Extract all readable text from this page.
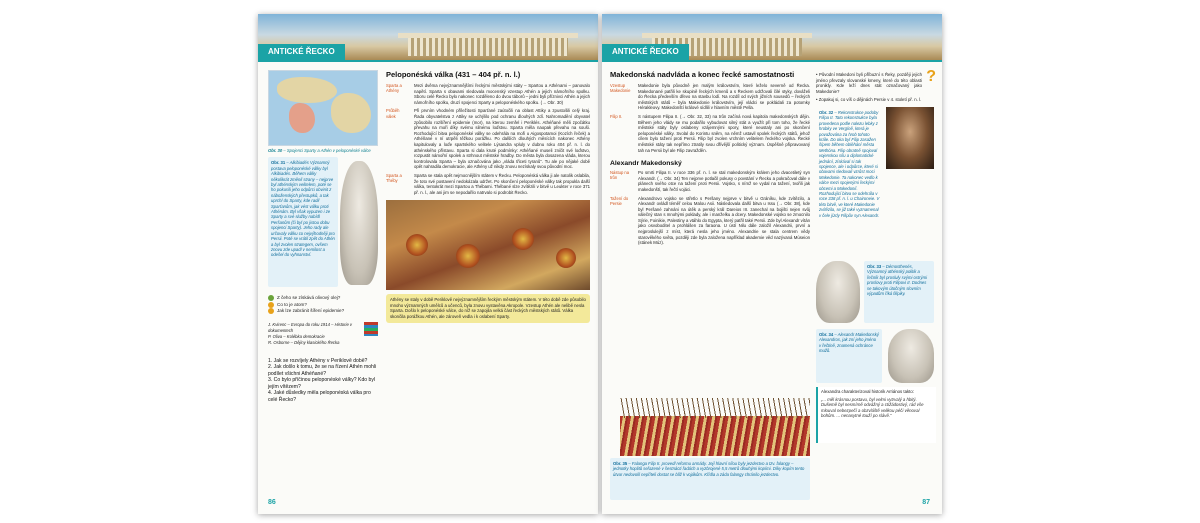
ANTICKÉ ŘECKO
Obr. 30 – Spojenci Sparty a Athén v peloponéské válce
Obr. 31 – Alkibiadés Významný postava peloponéské války byl Alkibiadés. Během války několikrát změnil strany – nejprve byl athénským velitelem, poté se ho pokusili jeho odpůrci obvinit z náboženských přestupků, a tak uprchl do Sparty, kde radil Sparťanům, jak vést válku proti Athénám. Byl však vypuzen i ze Sparty a své služby nabídl Peršanům (či byl po jistou dobu spojenci Sparty). Jeho rady ale určovaly válku co nejvýhodněji pro Persii. Poté se vrátil zpět do Athén a byl zvolen strategem, ovšem znovu zde upadl v nemilost a odešel do vyhnanství.

Z čeho se získává olivový olej?

Co to je atom?

Jak lze zabránit šíření epidemie?

J. Kvirenc – Evropa do roku 1914 – Historie v dokumentech

P. Oliva – Kolébka demokracie

R. Osborne – Dějiny klasického Řecka

1. Jak se rozvíjely Athény v Periklově době?

2. Jak došlo k tomu, že se na řízení Athén mohli podílet všichni Athéňané?

3. Co bylo příčinou peloponéské války? Kdo byl jejím vítězem?

4. Jaké důsledky měla peloponéská válka pro celé Řecko?

Peloponéská válka (431 – 404 př. n. l.)
Sparta a Athény

Mezi dvěma nejvýznamnějšími řeckými městskými státy – Spartou a Athénami – panovalo napětí. Sparta s obavami sledovala mocenský vzestup Athén a jejich námořního spolku. Sboru celé Řecko bylo nakonec rozděleno do dvou táborů – jedni byli příznivci Athén a jejich námořního spolku, druzí spojenci Sparty a peloponéského spolku. (→ Obr. 30)

Průběh válek

Při prvním vhodném příležitosti Sparťané zaútočili na oblast Attiky a zpustošili celý kraj. Řada obyvatelstva z Attiky se uchýlilo pod ochranu dlouhých zdí. Nahromadění obyvatel způsobilo rozšíření epidemie (mor), na kterou zemřel i Periklés. Athéňané měli zpočátku převahu na moři díky svému silnému loďstvu. Sparta měla naopak převahu na souši. Rozhodující bitva peloponéské války se odehrála na moři u Aigospotamoi (Kozích řeček) a Athéňané v ní utrpěli těžkou porážku. Po dalších dlouhých měsících nakonec Athény kapitulovaly a loďe spartského velitele Lýsandra vpluly v dubnu roku 404 př. n. l. do athénského přístavu. Sparta si dala kruté podmínky: Athéňané museli zničit své loďstvo, rozpustit námořní spolek a strhnout městské hradby. Do města byla dosazena vláda, kterou kontrolovala Sparta – byla označována jako „vláda třiceti tyranů“. Tu ale po nějaké době opět nahradila demokracie, ale Athény už nikdy znovu nezískaly svou původní moc.

Sparta a Théby

Sparta se stala opět nejmocnějším státem v Řecku. Peloponéská válka ji ale natolik oslabila, že toto své postavení nedokázala udržet. Po skončení peloponéské války tak propukla další válka, tentokrát mezi Spartou a Thébami. Thébané slze zvítězili v bitvě u Leukter v roce 371 př. n. l., ale ani jim se nepodařilo natrvalo si podrobit Řecko.

Athény se staly v době Periklově nejvýznamnějším řeckým městským státem. V této době zde působilo mnoho významných umělců a učenců, byla znovu vystavěna Akropole. Vzestup Athén ale nelibě nesla Sparta. Došlo k peloponéské válce, do níž se zapojila velká část řeckých městských států. Válka skončila porážkou Athén, ale zároveň vedla i k oslabení Sparty.
86
ANTICKÉ ŘECKO
Makedonská nadvláda a konec řecké samostatnosti
Vzestup Makedonie

Makedonie byla původně jen malým královstvím, které leželo severně od Řecka. Makedonané patřili ke skupině řeckých kmenů a s Řeckem udržovali čilé styky, dováželi do Řecka především dřevo na stavbu lodí. Na rozdíl od svých jižních sousedů – řeckých městských států – byla Makedonie královstvím, její vládci se pokládali za potomky Hérakleovy. Makedonští králové sídlili v hlavním městě Pella.

Filip II.	S nástupem Filipa II. (→ Obr. 32, 33) na trůn začíná nová kapitola makedonských dějin. Během jeho vlády se mu podařilo vybudovat silný stát a využít při tom toho, že řecké městské státy byly oslabeny vzájemnými spory, které neustaly ani po skončení peloponéské války. Svolal do Korintu sněm, na němž ustavil spolek řeckých států, jehož cílem bylo tažení proti Persii. Filip byl zvolen vrchním velitelem řeckého vojska. Řecké městské státy tak nepřímo ztratily svou dřívější politický význam. Úspěšně připravovaný tah na Persii byl ale Filip zavražděn.

Alexandr Makedonský
Nástup na trůn

Po smrti Filipa II. v roce 336 př. n. l. se stal makedonským králem jeho dvacetiletý syn Alexandr. (→ Obr. 34) Ten nejprve potlačil pokusy o povstání v Řecku a pokračoval dále v plánech svého otce na tažení proti Persii. Vojsko, s nímž se vydal na tažení, tvořili jak makedonští, tak řečtí vojáci.

Tažení do Persie

Alexandrovo vojsko se střetlo s Peršany nejprve v bitvě u Gráníku, kde zvítězilo, a Alexandr ovládl téměř celou Malou Asii. Následovala další bitva u Issu (→ Obr. 38), kde byl Peršané zahnáni na útěk a perský král Dareios III. zanechal na bojišti nejen svůj válečný stan s mnohými poklady, ale i manželku a dcery. Makedonské vojsko se zmocnilo Sýrie, Foinikie, Palestiny a vtáhlo do Egypta, který patřil také Persii. Zde byl Alexandr vítán jako osvoboditel a prohlášen za faraona. U ústí Nilu dále založil Alexandrii, první a nejproslulejší z míst, která nesla jeho jméno. Alexandrie se stala centrem vědy starověkého světa, později zde byla založena například akademie věd nazývaná Múseion (stánek Múz).

Obr. 35 – Falanga Filip II. provedl reformu armády. Její hlavní sílou byly jezdectvo a tzv. falangy – jednotky hoplitů seřazené v šestnácti řadách a vyzbrojené 5,5 metrů dlouhými kopími. Díky kopím tento útvar nedovolil nepříteli dostat se blíž k vojákům. Křídla a záda falangy chránilo jezdectvo.
?

• Původní Makedoni byli příbuzní s Řeky, později jejich jméno převzaly slovanské kmeny, které do této oblasti pronikly. Kde leží dnes stát označovaný jako Makedonie?

• Zopakuj si, co víš o dějinách Persie v 4. století př. n. l.

Obr. 32 – Rekonstrukce podoby Filipa II. Tato rekonstrukce byla provedena podle nalezu lebky z hrobky ve Vergíně, která je považována za hrob tohoto krále. Do oka byl Filip zasažen šípem během obléhání města Methóna. Filip obratně spojoval vojenskou sílu a diplomatické jednání, získával si tak spojence, ale i odpůrce, které si obavami sledovali vzrůst moci Makedonie. Ta nakonec vedlo k válce mezi spojenými řeckými obcemi a Makedonií. Rozhodující bitva se odehrála v roce 338 př. n. l. u Chaironeie. V této bitvě, ve které Makedonie zvítězila, se již také vyznamenal v čele jízdy Filipův syn Alexandr.
Obr. 33 – Démosthenés, Významný athénský politik a řečník byl prosluly svými ostrými proslovy proti Filipovi II. Dodnes se takovým útočným slovním výpadům říká filipiky.
Obr. 34 – Alexandr Makedonský Alexandros, jak zní jeho jméno v řečtině, znamená ochránce mužů.

Alexandra charakterizoval historik Arriános takto:

„... měl krásnou postavu, byl velmi vytrvalý a hbitý. Dušemě byl nesmírně odvážný a ctižádostivý, rád vše mlouval nebezpečí a obzvláště velikou péči věnoval bohům. ... nenasytné touží po slávě.“

87
